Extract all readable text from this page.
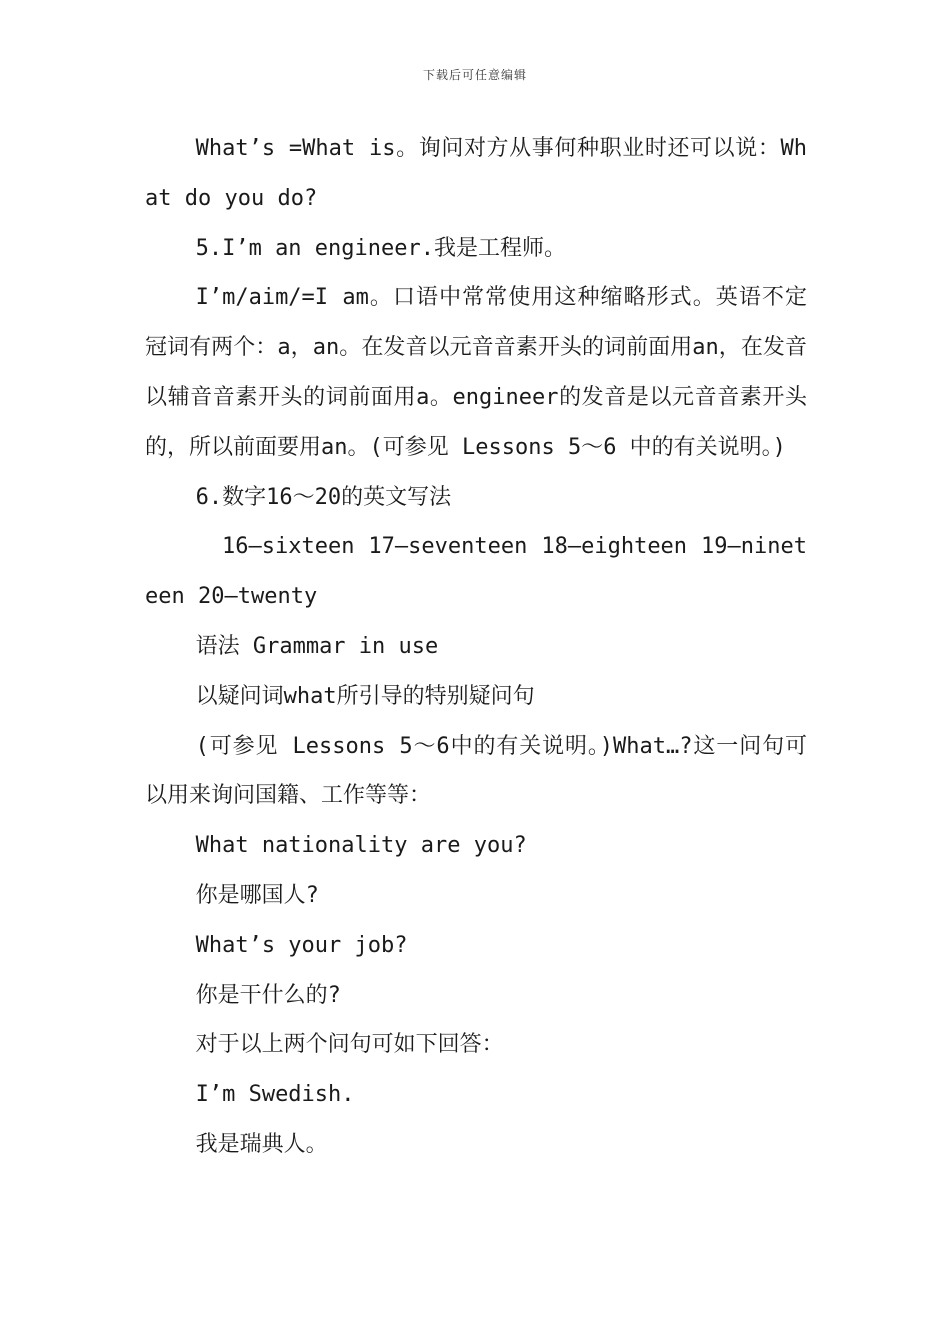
下载后可任意编辑

What’s =What is。询问对方从事何种职业时还可以说：What do you do?

5.I’m an engineer.我是工程师。

I’m/aim/=I am。口语中常常使用这种缩略形式。英语不定冠词有两个：a，an。在发音以元音音素开头的词前面用an，在发音以辅音音素开头的词前面用a。engineer的发音是以元音音素开头的，所以前面要用an。(可参见 Lessons 5～6 中的有关说明。)

6.数字16～20的英文写法

16—sixteen 17—seventeen 18—eighteen 19—nineteen 20—twenty

语法 Grammar in use

以疑问词what所引导的特别疑问句

(可参见 Lessons 5～6中的有关说明。)What…?这一问句可以用来询问国籍、工作等等：

What nationality are you?

你是哪国人?

What’s your job?

你是干什么的?

对于以上两个问句可如下回答：

I’m Swedish.

我是瑞典人。
